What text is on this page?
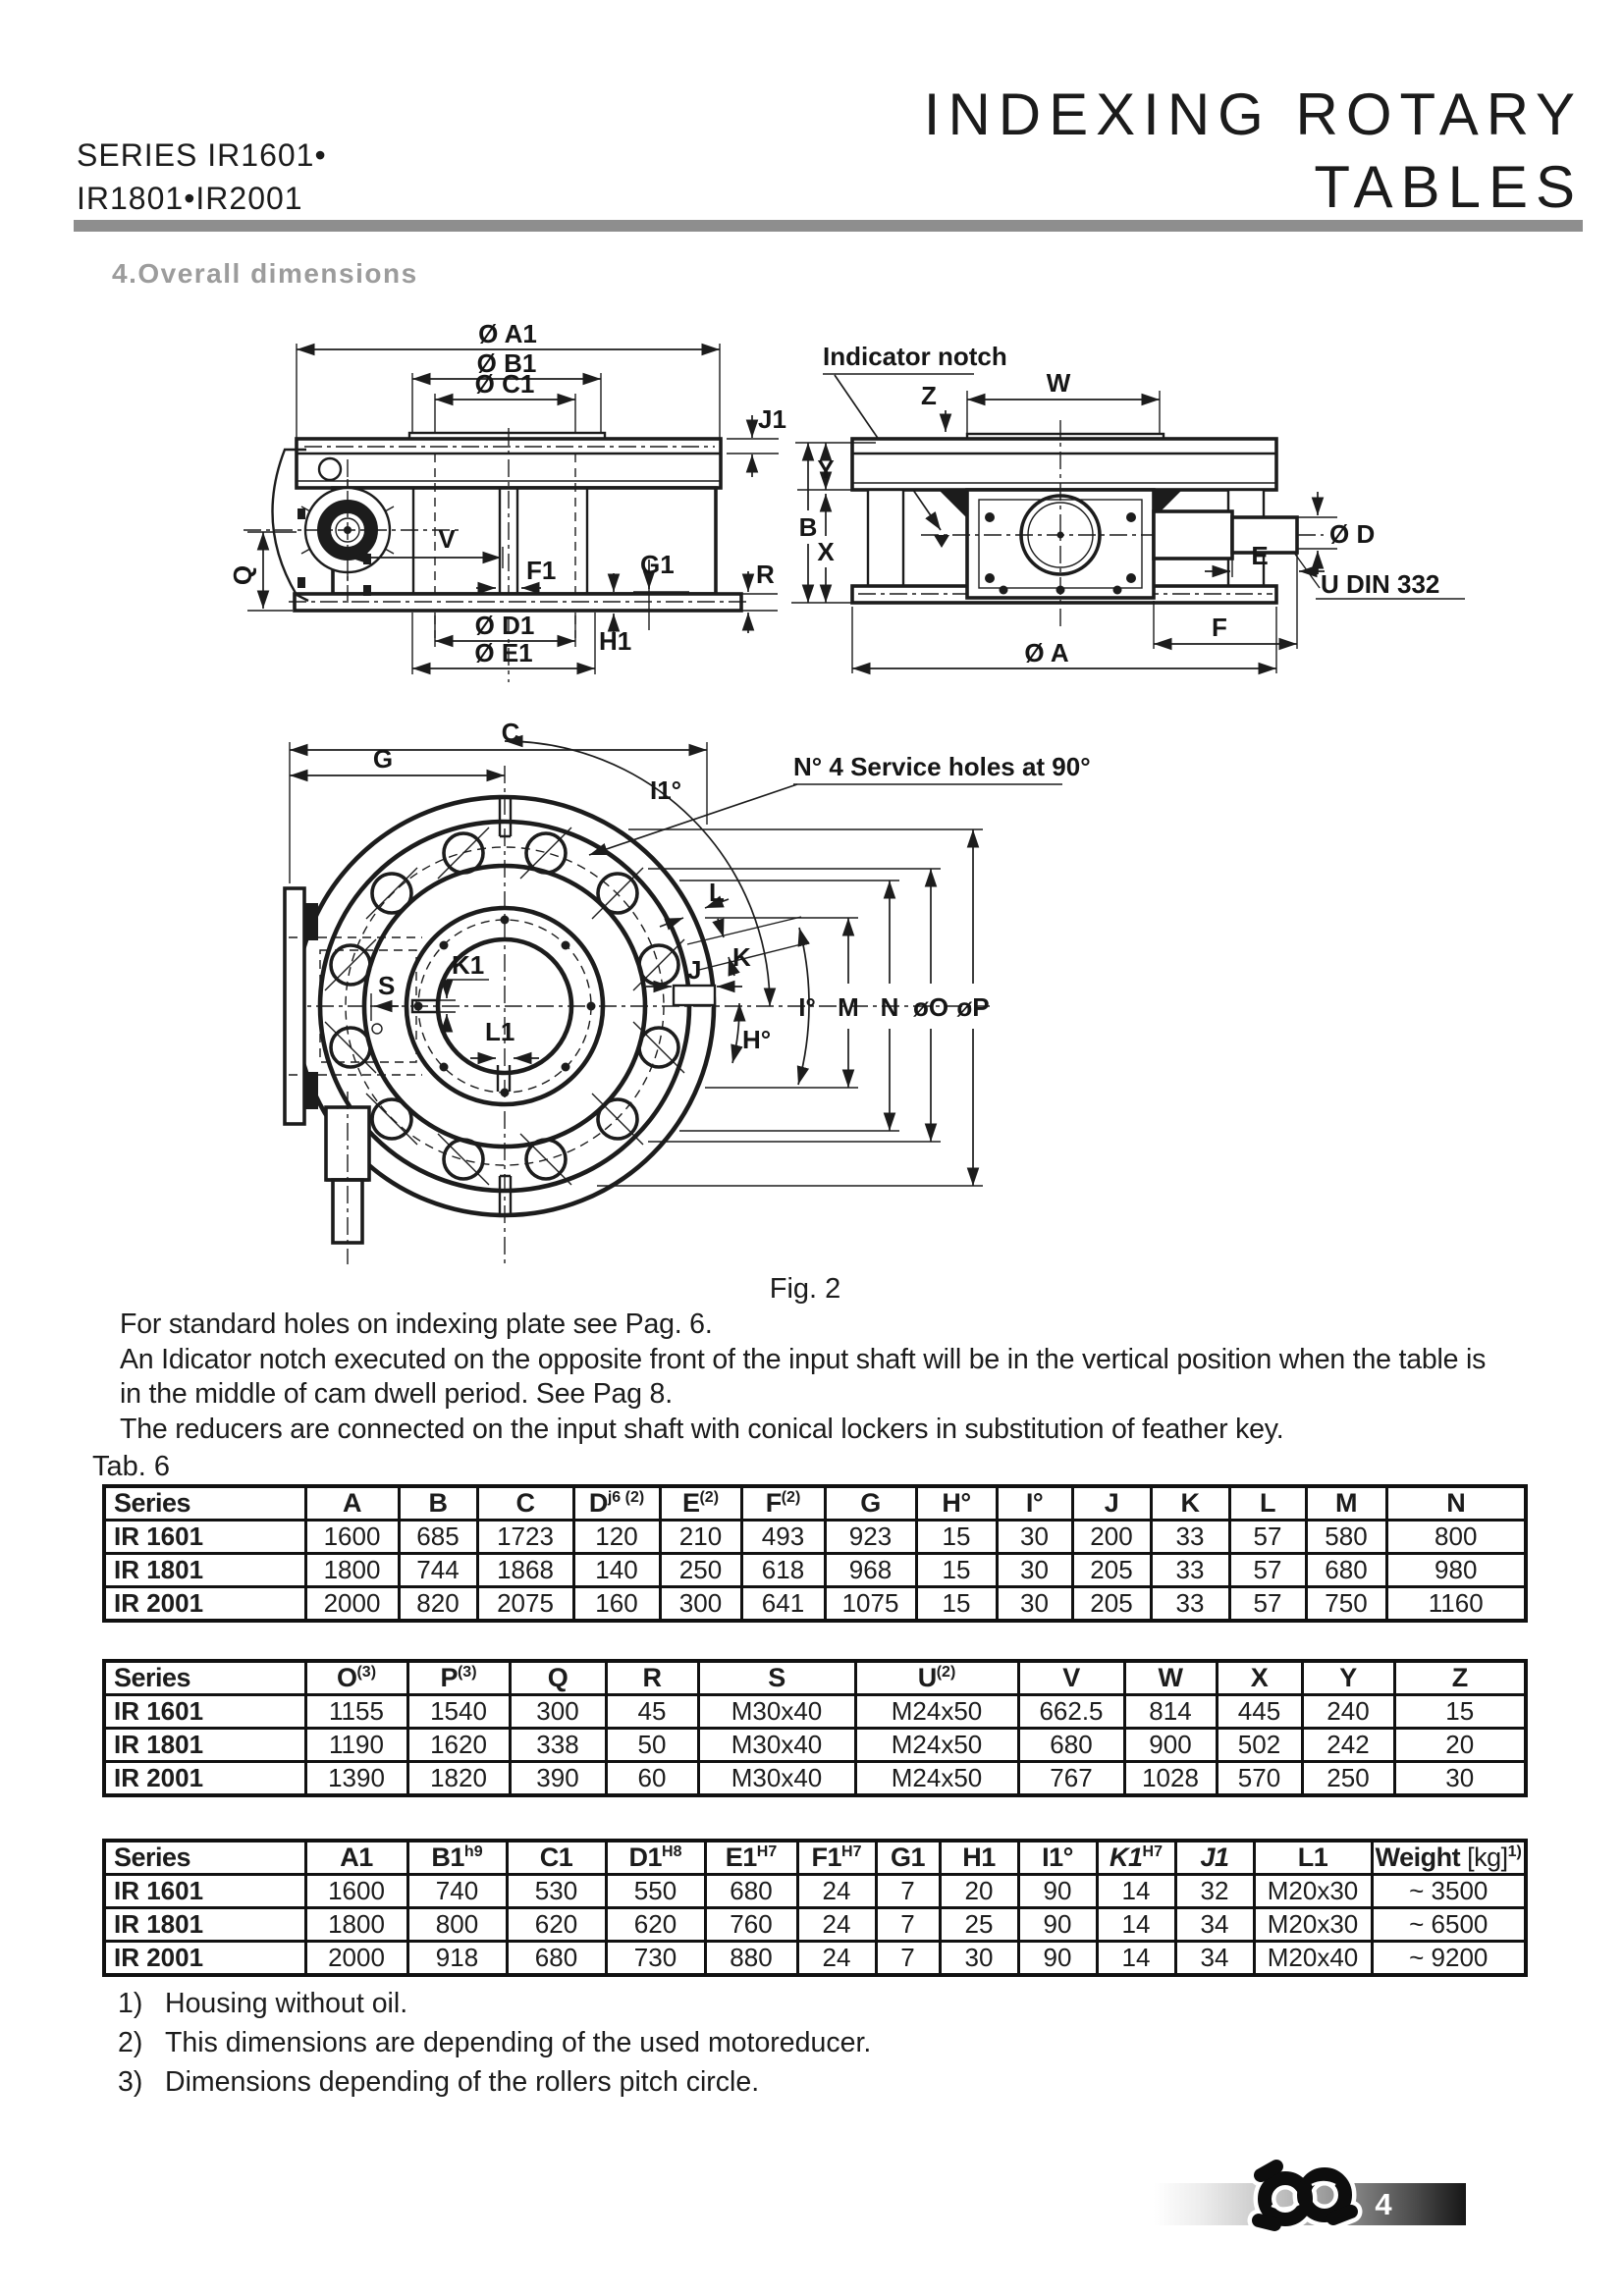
SERIES IR1601•
IR1801•IR2001
INDEXING ROTARY
TABLES
4.Overall dimensions
Ø A1
Ø B1
Ø C1
Ø D1
Ø E1
J1
Q
V
F1	G1	R
H1
Indicator notch
W
Z
B
Y
X
Ø D
E
U DIN 332
F
Ø A
C
G
I1°
N° 4 Service holes at 90°
S
K1
L1
L
K
J
H°
I° M N øO øP
Fig. 2
For standard holes on indexing plate see Pag. 6.
An Idicator notch executed on the opposite front of the input shaft will be in the vertical position when the table is
in the middle of cam dwell period. See Pag 8.
The reducers are connected on the input shaft with conical lockers in substitution of feather key.
Tab. 6
Series	A	B	C	$D^{j6 (2)}$	$E^{(2)}$	$F^{(2)}$	G	H°	I°	J	K	L	M	N
IR 1601	1600	685	1723	120	210	493	923	15	30	200	33	57	580	800
IR 1801	1800	744	1868	140	250	618	968	15	30	205	33	57	680	980
IR 2001	2000	820	2075	160	300	641	1075	15	30	205	33	57	750	1160
Series	$O^{(3)}$	$P^{(3)}$	Q	R	S	$U^{(2)}$	V	W	X	Y	Z
IR 1601	1155	1540	300	45	M30x40	M24x50	662.5	814	445	240	15
IR 1801	1190	1620	338	50	M30x40	M24x50	680	900	502	242	20
IR 2001	1390	1820	390	60	M30x40	M24x50	767	1028	570	250	30
Series	A1	$B1^{h9}$	C1	$D1^{H8}$	$E1^{H7}$	$F1^{H7}$	G1	H1	I1°	$K1^{H7}$	J1	L1	Weight [kg]$^{1)}$
IR 1601	1600	740	530	550	680	24	7	20	90	14	32	M20x30	~ 3500
IR 1801	1800	800	620	620	760	24	7	25	90	14	34	M20x30	~ 6500
IR 2001	2000	918	680	730	880	24	7	30	90	14	34	M20x40	~ 9200
1) Housing without oil.
2) This dimensions are depending of the used motoreducer.
3) Dimensions depending of the rollers pitch circle.
4
